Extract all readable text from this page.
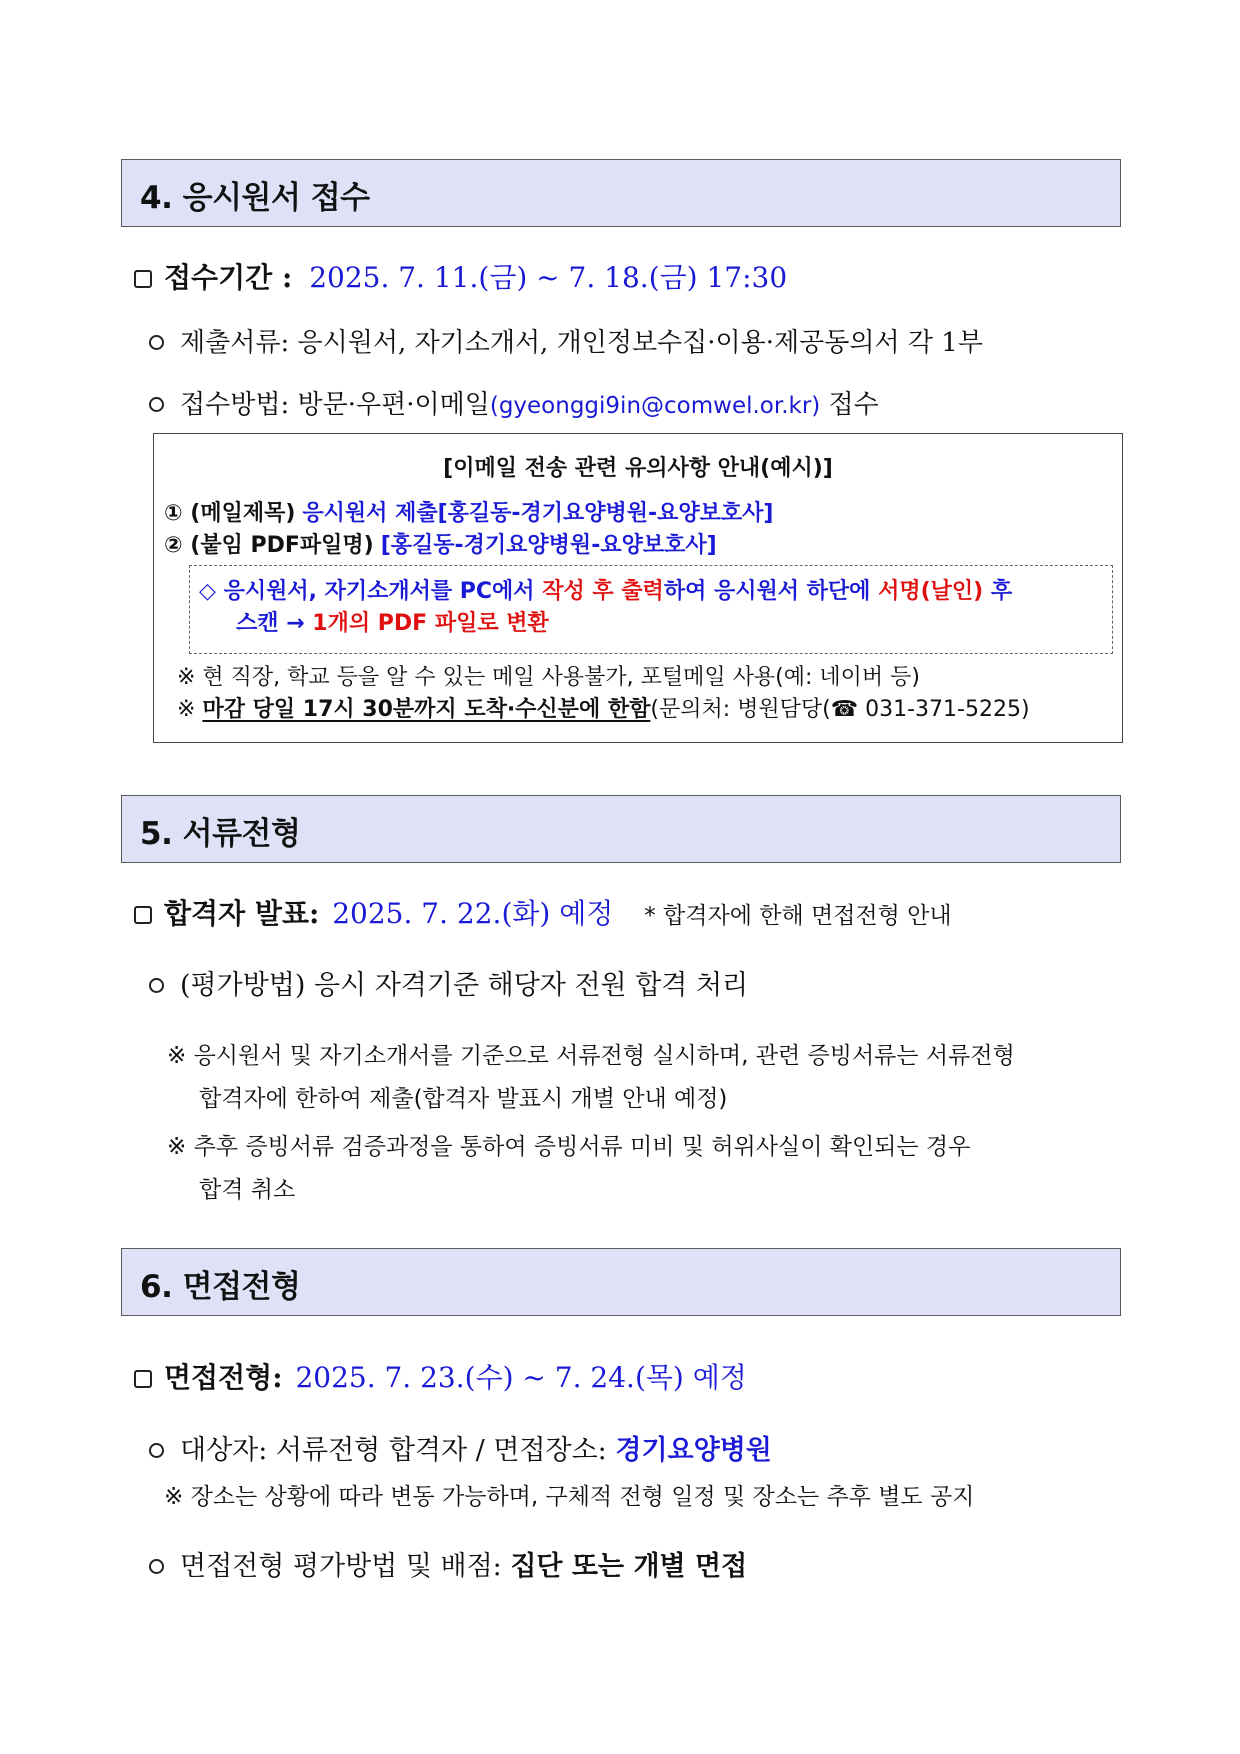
4. 응시원서 접수
접수기간 : 2025. 7. 11.(금) ~ 7. 18.(금) 17:30
제출서류: 응시원서, 자기소개서, 개인정보수집·이용·제공동의서 각 1부
접수방법: 방문·우편·이메일(gyeonggi9in@comwel.or.kr) 접수
[이메일 전송 관련 유의사항 안내(예시)]
① (메일제목) 응시원서 제출[홍길동-경기요양병원-요양보호사]
② (붙임 PDF파일명) [홍길동-경기요양병원-요양보호사]
◇ 응시원서, 자기소개서를 PC에서 작성 후 출력하여 응시원서 하단에 서명(날인) 후
스캔 → 1개의 PDF 파일로 변환
※ 현 직장, 학교 등을 알 수 있는 메일 사용불가, 포털메일 사용(예: 네이버 등)
※ 마감 당일 17시 30분까지 도착·수신분에 한함(문의처: 병원담당(☎ 031-371-5225)
5. 서류전형
합격자 발표: 2025. 7. 22.(화) 예정 * 합격자에 한해 면접전형 안내
(평가방법) 응시 자격기준 해당자 전원 합격 처리
※ 응시원서 및 자기소개서를 기준으로 서류전형 실시하며, 관련 증빙서류는 서류전형
합격자에 한하여 제출(합격자 발표시 개별 안내 예정)
※ 추후 증빙서류 검증과정을 통하여 증빙서류 미비 및 허위사실이 확인되는 경우
합격 취소
6. 면접전형
면접전형: 2025. 7. 23.(수) ~ 7. 24.(목) 예정
대상자: 서류전형 합격자 / 면접장소: 경기요양병원
※ 장소는 상황에 따라 변동 가능하며, 구체적 전형 일정 및 장소는 추후 별도 공지
면접전형 평가방법 및 배점: 집단 또는 개별 면접
